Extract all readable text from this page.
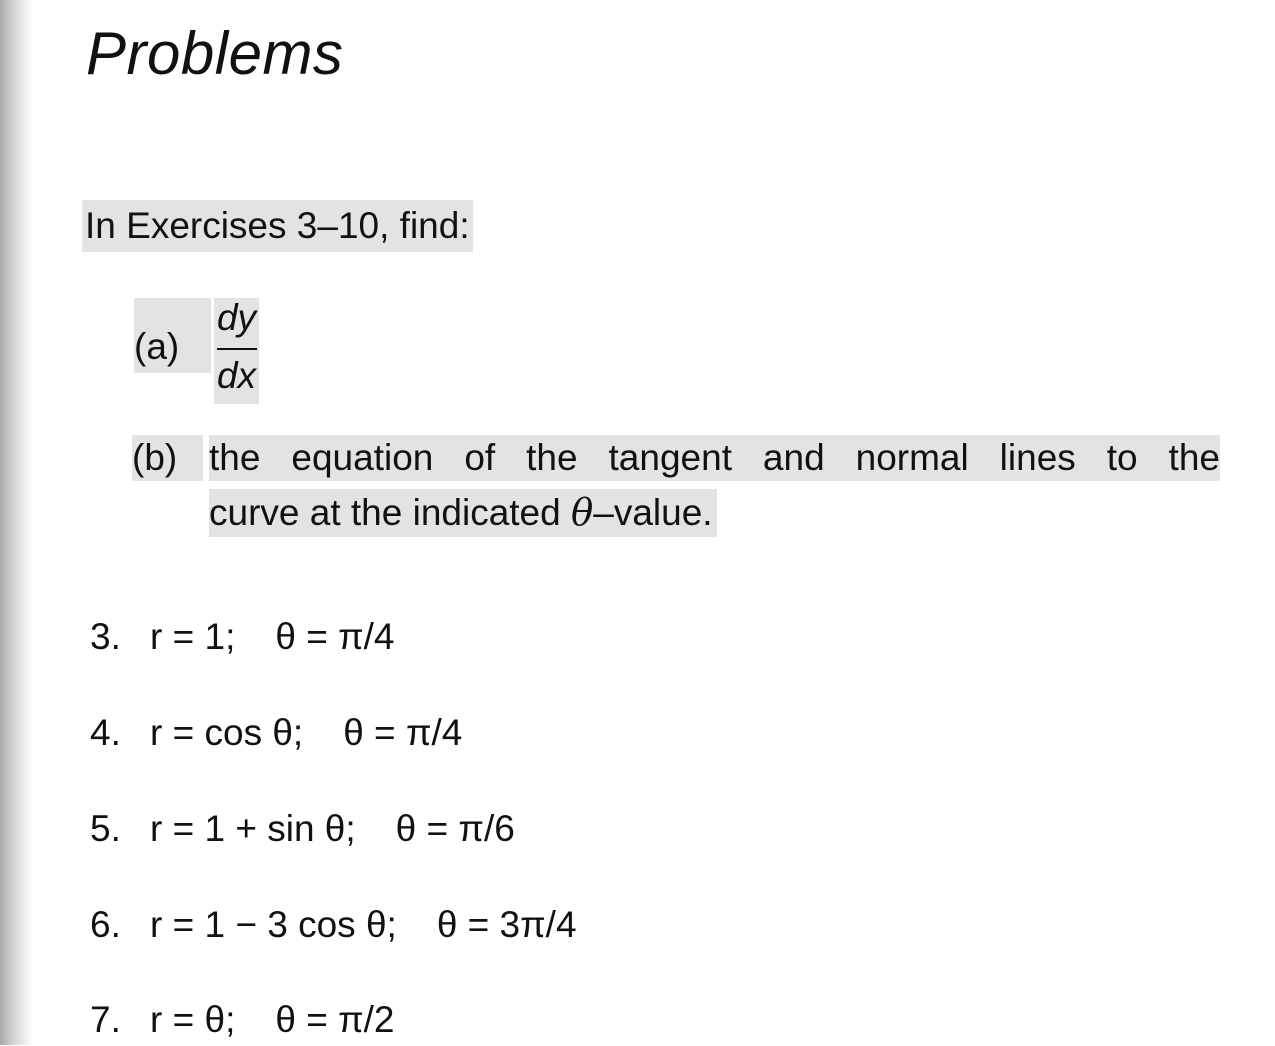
Problems
In Exercises 3–10, find:
(a)
dy
dx
(b) the equation of the tangent and normal lines to the
curve at the indicated θ–value.
3. r = 1; θ = π/4
4. r = cos θ; θ = π/4
5. r = 1 + sin θ; θ = π/6
6. r = 1 − 3 cos θ; θ = 3π/4
7. r = θ; θ = π/2
